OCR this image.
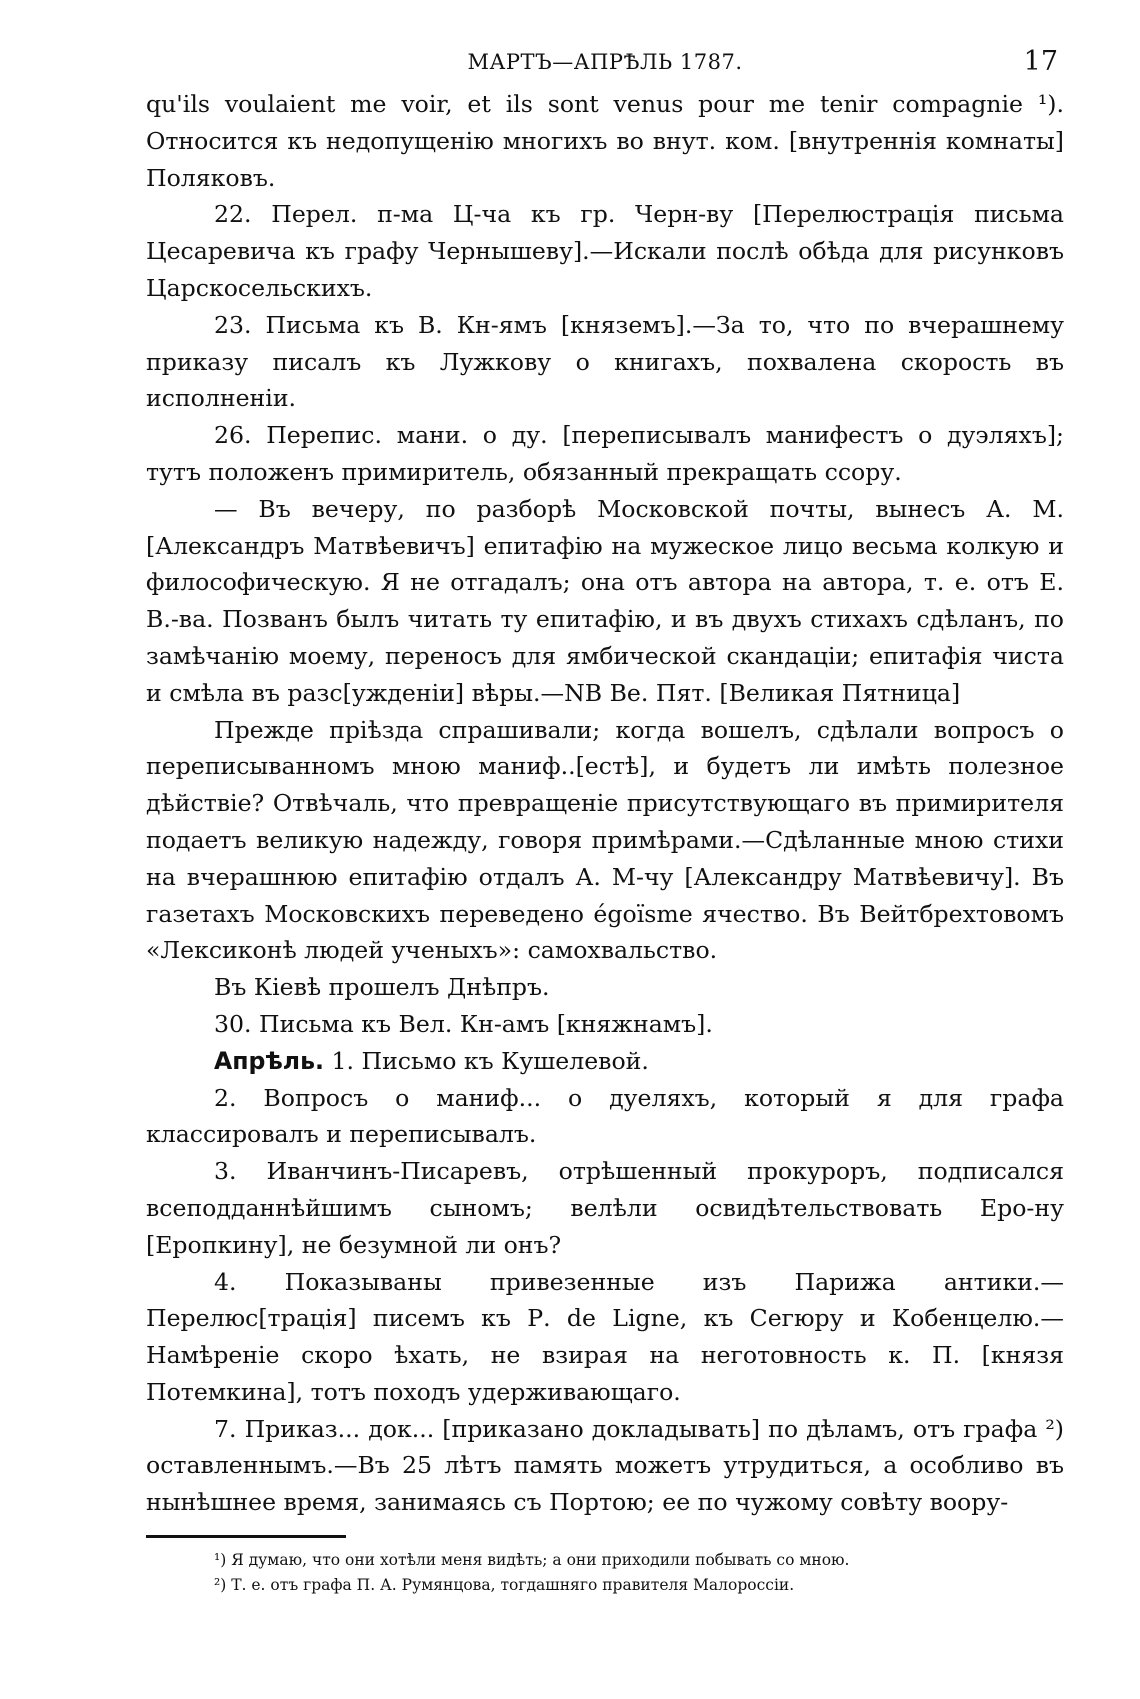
МАРТЪ—АПРѢЛЬ 1787.	17

qu'ils voulaient me voir, et ils sont venus pour me tenir compagnie ¹). Относится къ недопущенію многихъ во внут. ком. [внутреннія комнаты] Поляковъ.

22. Перел. п-ма Ц-ча къ гр. Черн-ву [Перелюстрація письма Цесаревича къ графу Чернышеву].—Искали послѣ обѣда для рисунковъ Царскосельскихъ.

23. Письма къ В. Кн-ямъ [княземъ].—За то, что по вчерашнему приказу писалъ къ Лужкову о книгахъ, похвалена скорость въ исполненіи.

26. Перепис. мани. о ду. [переписывалъ манифестъ о дуэляхъ]; тутъ положенъ примиритель, обязанный прекращать ссору.

— Въ вечеру, по разборѣ Московской почты, вынесъ А. М. [Александръ Матвѣевичъ] епитафію на мужеское лицо весьма колкую и философическую. Я не отгадалъ; она отъ автора на автора, т. е. отъ Е. В.-ва. Позванъ былъ читать ту епитафію, и въ двухъ стихахъ сдѣланъ, по замѣчанію моему, переносъ для ямбической скандаціи; епитафія чиста и смѣла въ разс[ужденіи] вѣры.—NB Ве. Пят. [Великая Пятница]

Прежде пріѣзда спрашивали; когда вошелъ, сдѣлали вопросъ о переписыванномъ мною маниф..[естѣ], и будетъ ли имѣть полезное дѣйствіе? Отвѣчаль, что превращеніе присутствующаго въ примирителя подаетъ великую надежду, говоря примѣрами.—Сдѣланные мною стихи на вчерашнюю епитафію отдалъ А. М-чу [Александру Матвѣевичу]. Въ газетахъ Московскихъ переведено égoïsme ячество. Въ Вейтбрехтовомъ «Лексиконѣ людей ученыхъ»: самохвальство.

Въ Кіевѣ прошелъ Днѣпръ.

30. Письма къ Вел. Кн-амъ [княжнамъ].

Апрѣль. 1. Письмо къ Кушелевой.

2. Вопросъ о маниф... о дуеляхъ, который я для графа классировалъ и переписывалъ.

3. Иванчинъ-Писаревъ, отрѣшенный прокуроръ, подписался всеподданнѣйшимъ сыномъ; велѣли освидѣтельствовать Еро-ну [Еропкину], не безумной ли онъ?

4. Показываны привезенные изъ Парижа антики.—Перелюс[трація] писемъ къ Р. de Ligne, къ Сегюру и Кобенцелю.—Намѣреніе скоро ѣхать, не взирая на неготовность к. П. [князя Потемкина], тотъ походъ удерживающаго.

7. Приказ... док... [приказано докладывать] по дѣламъ, отъ графа ²) оставленнымъ.—Въ 25 лѣтъ память можетъ утрудиться, а особливо въ нынѣшнее время, занимаясь съ Портою; ее по чужому совѣту воору-

¹) Я думаю, что они хотѣли меня видѣть; а они приходили побывать со мною.

²) Т. е. отъ графа П. А. Румянцова, тогдашняго правителя Малороссіи.
